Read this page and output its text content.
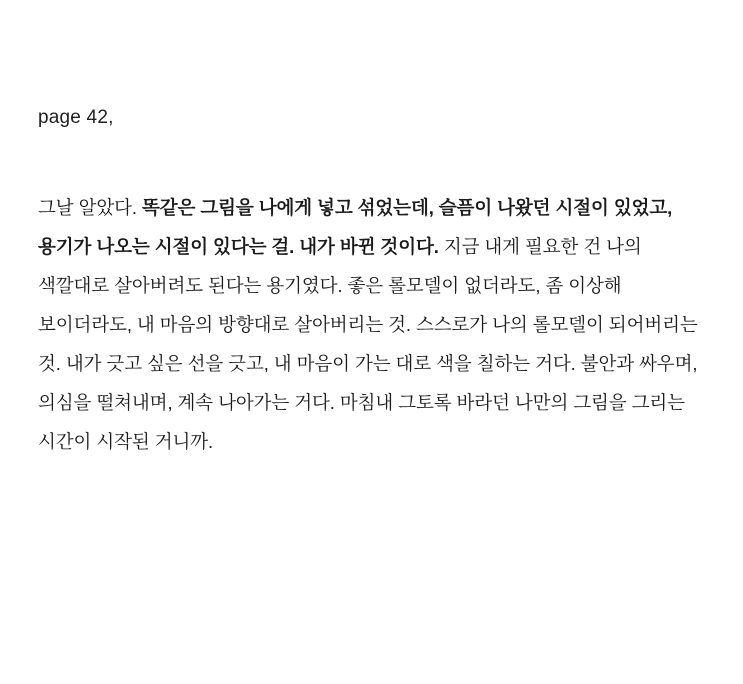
page 42,

그날 알았다. 똑같은 그림을 나에게 넣고 섞었는데, 슬픔이 나왔던 시절이 있었고, 용기가 나오는 시절이 있다는 걸. 내가 바뀐 것이다. 지금 내게 필요한 건 나의 색깔대로 살아버려도 된다는 용기였다. 좋은 롤모델이 없더라도, 좀 이상해 보이더라도, 내 마음의 방향대로 살아버리는 것. 스스로가 나의 롤모델이 되어버리는 것. 내가 긋고 싶은 선을 긋고, 내 마음이 가는 대로 색을 칠하는 거다. 불안과 싸우며, 의심을 떨쳐내며, 계속 나아가는 거다. 마침내 그토록 바라던 나만의 그림을 그리는 시간이 시작된 거니까.
